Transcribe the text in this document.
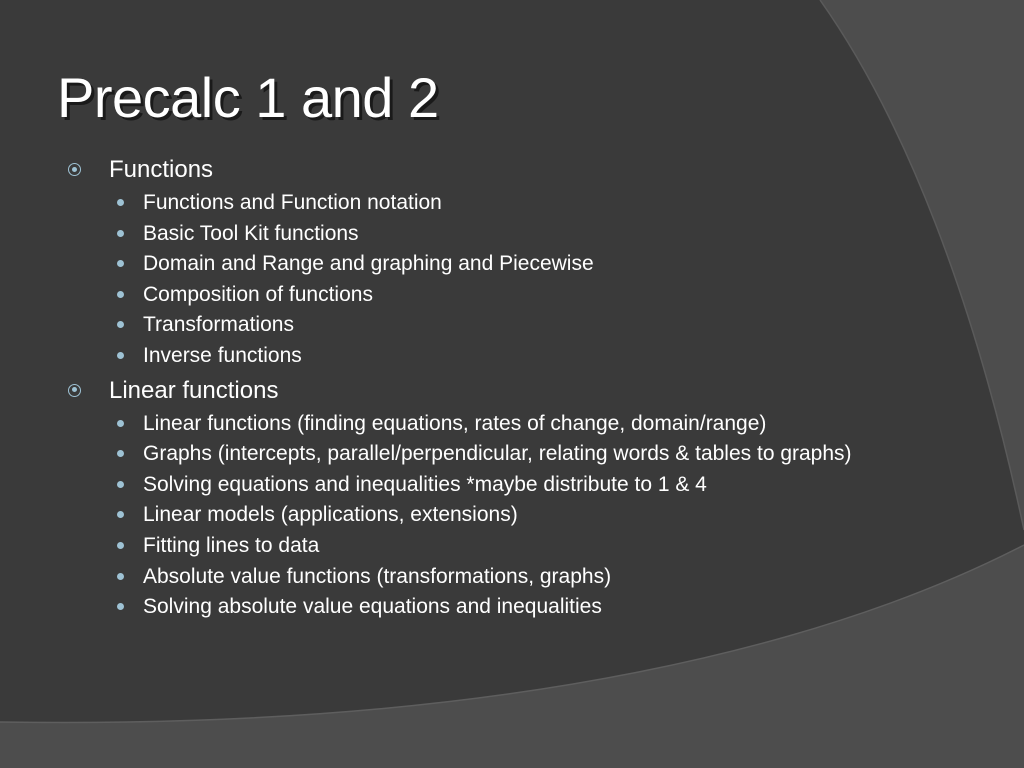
Precalc 1 and 2
Functions
Functions and Function notation
Basic Tool Kit functions
Domain and Range and graphing and Piecewise
Composition of functions
Transformations
Inverse functions
Linear functions
Linear functions (finding equations, rates of change, domain/range)
Graphs (intercepts, parallel/perpendicular, relating words & tables to graphs)
Solving equations and inequalities *maybe distribute to 1 & 4
Linear models (applications, extensions)
Fitting lines to data
Absolute value functions (transformations, graphs)
Solving absolute value equations and inequalities
